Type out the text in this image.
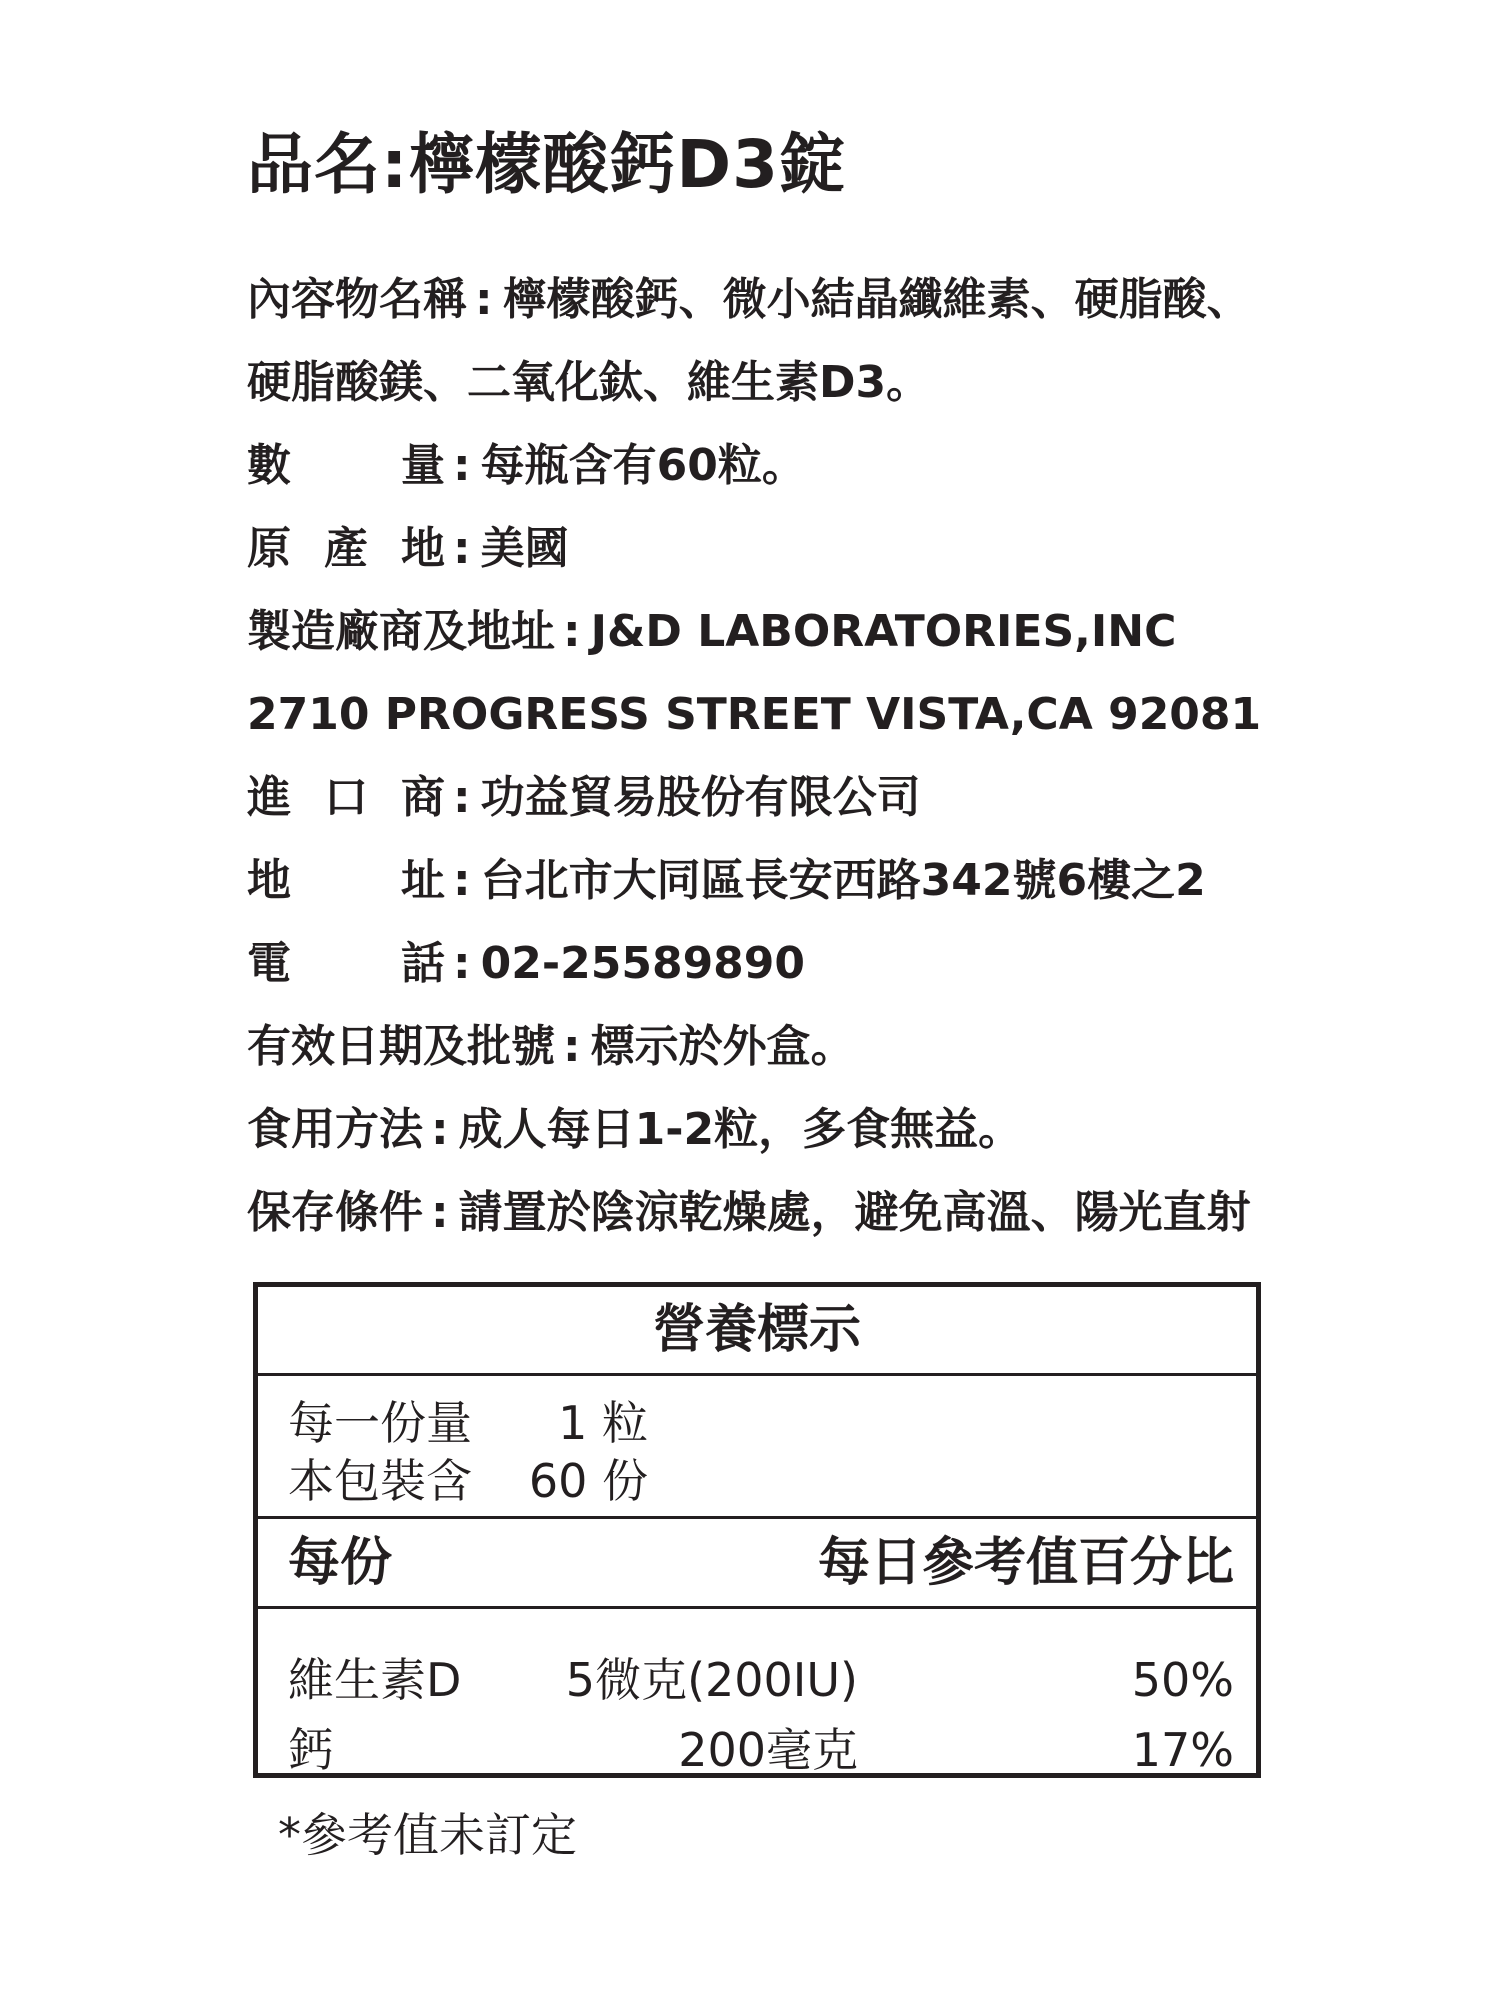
品名:檸檬酸鈣D3錠
內容物名稱 : 檸檬酸鈣、微小結晶纖維素、硬脂酸、
硬脂酸鎂、二氧化鈦、維生素D3。
數	量 : 每瓶含有60粒。
原 產 地 : 美國
製造廠商及地址 : J&D LABORATORIES,INC
2710 PROGRESS STREET VISTA,CA 92081
進 口 商 : 功益貿易股份有限公司
地	址 : 台北市大同區長安西路342號6樓之2
電	話 : 02-25589890
有效日期及批號 : 標示於外盒。
食用方法 : 成人每日1-2粒，多食無益。
保存條件 : 請置於陰涼乾燥處，避免高溫、陽光直射
營養標示
每一份量	1 粒
本包裝含	60 份
每份	每日參考值百分比
維生素D	5微克(200IU)	50%
鈣	200毫克	17%
*參考值未訂定
